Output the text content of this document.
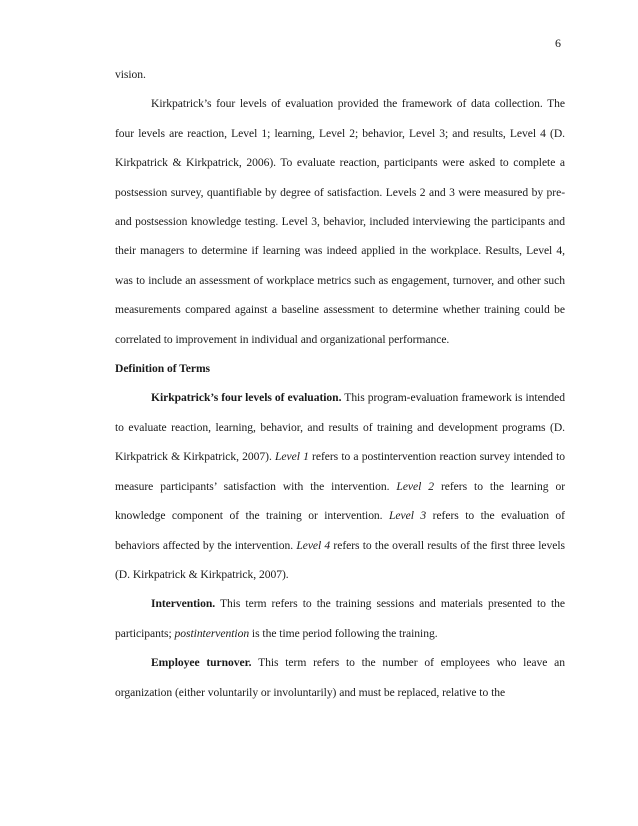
6

vision.

Kirkpatrick’s four levels of evaluation provided the framework of data collection. The four levels are reaction, Level 1; learning, Level 2; behavior, Level 3; and results, Level 4 (D. Kirkpatrick & Kirkpatrick, 2006). To evaluate reaction, participants were asked to complete a postsession survey, quantifiable by degree of satisfaction. Levels 2 and 3 were measured by pre- and postsession knowledge testing. Level 3, behavior, included interviewing the participants and their managers to determine if learning was indeed applied in the workplace. Results, Level 4, was to include an assessment of workplace metrics such as engagement, turnover, and other such measurements compared against a baseline assessment to determine whether training could be correlated to improvement in individual and organizational performance.

Definition of Terms

Kirkpatrick’s four levels of evaluation. This program-evaluation framework is intended to evaluate reaction, learning, behavior, and results of training and development programs (D. Kirkpatrick & Kirkpatrick, 2007). Level 1 refers to a postintervention reaction survey intended to measure participants’ satisfaction with the intervention. Level 2 refers to the learning or knowledge component of the training or intervention. Level 3 refers to the evaluation of behaviors affected by the intervention. Level 4 refers to the overall results of the first three levels (D. Kirkpatrick & Kirkpatrick, 2007).

Intervention. This term refers to the training sessions and materials presented to the participants; postintervention is the time period following the training.

Employee turnover. This term refers to the number of employees who leave an organization (either voluntarily or involuntarily) and must be replaced, relative to the
